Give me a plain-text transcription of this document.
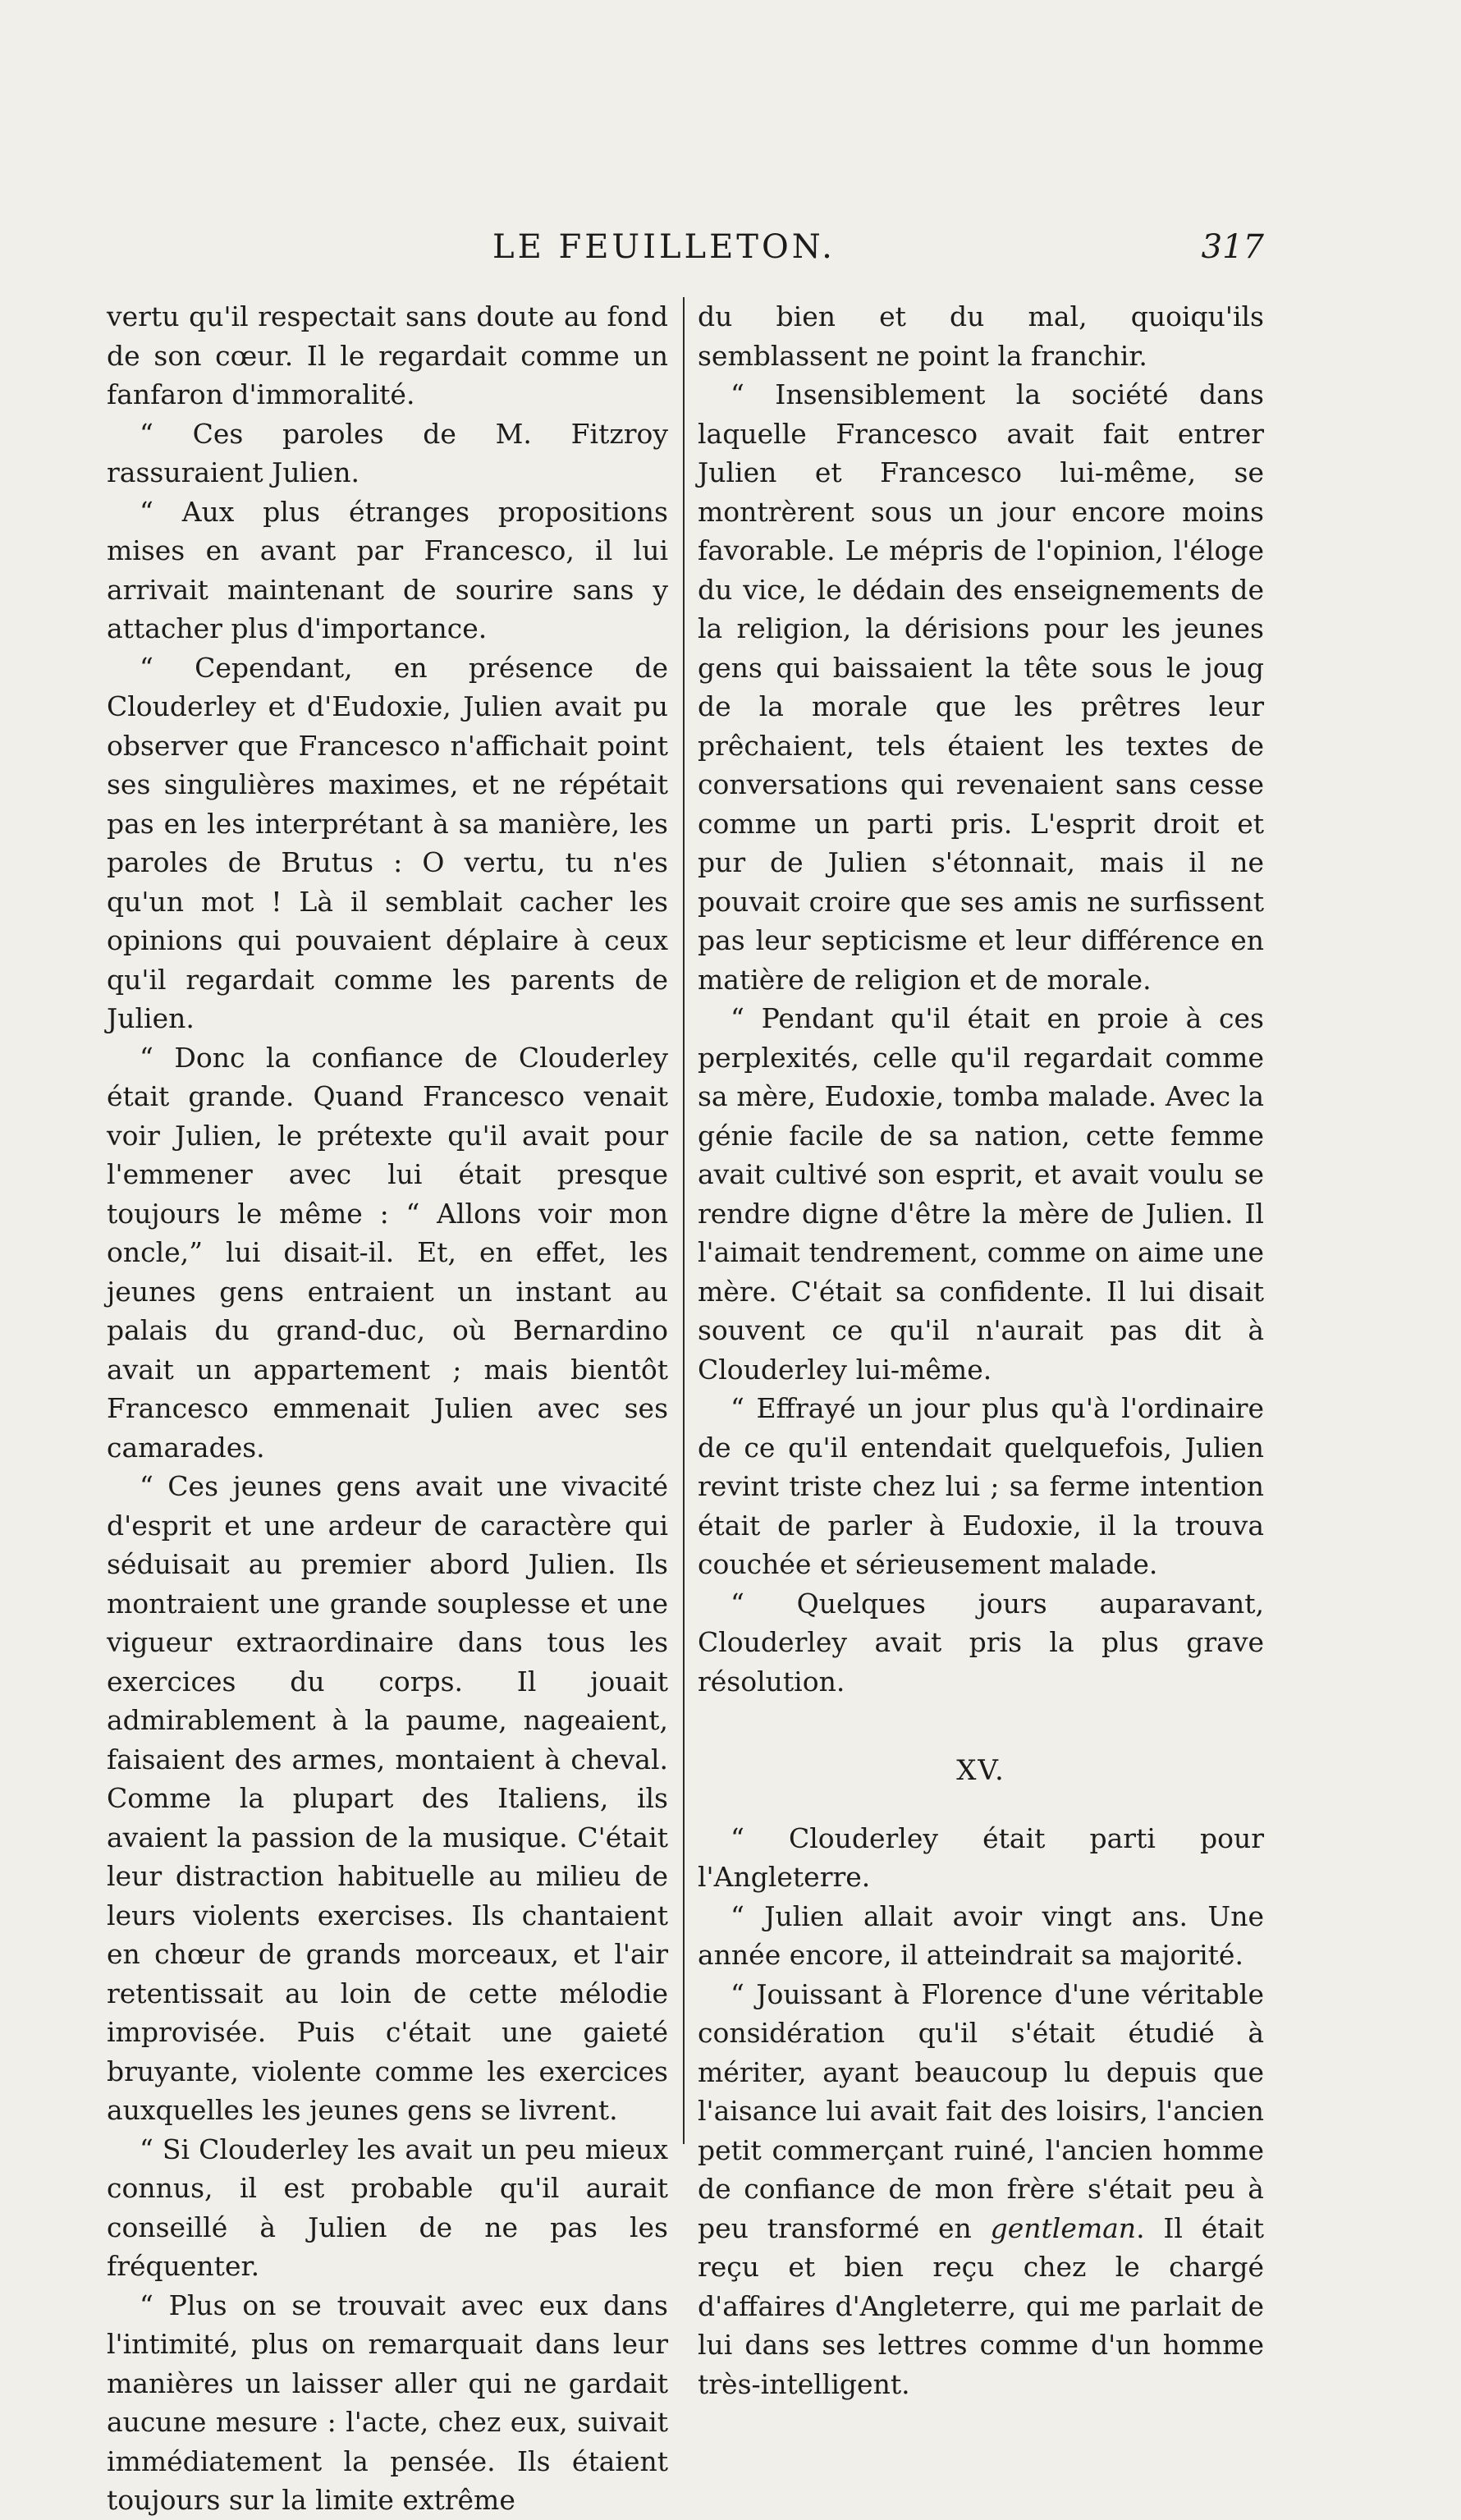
LE FEUILLETON.	317

vertu qu'il respectait sans doute au fond de son cœur. Il le regardait comme un fanfaron d'immoralité.

“ Ces paroles de M. Fitzroy rassuraient Julien.

“ Aux plus étranges propositions mises en avant par Francesco, il lui arrivait maintenant de sourire sans y attacher plus d'importance.

“ Cependant, en présence de Clouderley et d'Eudoxie, Julien avait pu observer que Francesco n'affichait point ses singulières maximes, et ne répétait pas en les interprétant à sa manière, les paroles de Brutus : O vertu, tu n'es qu'un mot ! Là il semblait cacher les opinions qui pouvaient déplaire à ceux qu'il regardait comme les parents de Julien.

“ Donc la confiance de Clouderley était grande. Quand Francesco venait voir Julien, le prétexte qu'il avait pour l'emmener avec lui était presque toujours le même : “ Allons voir mon oncle,” lui disait-il. Et, en effet, les jeunes gens entraient un instant au palais du grand-duc, où Bernardino avait un appartement ; mais bientôt Francesco emmenait Julien avec ses camarades.

“ Ces jeunes gens avait une vivacité d'esprit et une ardeur de caractère qui séduisait au premier abord Julien. Ils montraient une grande souplesse et une vigueur extraordinaire dans tous les exercices du corps. Il jouait admirablement à la paume, nageaient, faisaient des armes, montaient à cheval. Comme la plupart des Italiens, ils avaient la passion de la musique. C'était leur distraction habituelle au milieu de leurs violents exercises. Ils chantaient en chœur de grands morceaux, et l'air retentissait au loin de cette mélodie improvisée. Puis c'était une gaieté bruyante, violente comme les exercices auxquelles les jeunes gens se livrent.

“ Si Clouderley les avait un peu mieux connus, il est probable qu'il aurait conseillé à Julien de ne pas les fréquenter.

“ Plus on se trouvait avec eux dans l'intimité, plus on remarquait dans leur manières un laisser aller qui ne gardait aucune mesure : l'acte, chez eux, suivait immédiatement la pensée. Ils étaient toujours sur la limite extrême

du bien et du mal, quoiqu'ils semblassent ne point la franchir.

“ Insensiblement la société dans laquelle Francesco avait fait entrer Julien et Francesco lui-même, se montrèrent sous un jour encore moins favorable. Le mépris de l'opinion, l'éloge du vice, le dédain des enseignements de la religion, la dérisions pour les jeunes gens qui baissaient la tête sous le joug de la morale que les prêtres leur prêchaient, tels étaient les textes de conversations qui revenaient sans cesse comme un parti pris. L'esprit droit et pur de Julien s'étonnait, mais il ne pouvait croire que ses amis ne surfissent pas leur septicisme et leur différence en matière de religion et de morale.

“ Pendant qu'il était en proie à ces perplexités, celle qu'il regardait comme sa mère, Eudoxie, tomba malade. Avec la génie facile de sa nation, cette femme avait cultivé son esprit, et avait voulu se rendre digne d'être la mère de Julien. Il l'aimait tendrement, comme on aime une mère. C'était sa confidente. Il lui disait souvent ce qu'il n'aurait pas dit à Clouderley lui-même.

“ Effrayé un jour plus qu'à l'ordinaire de ce qu'il entendait quelquefois, Julien revint triste chez lui ; sa ferme intention était de parler à Eudoxie, il la trouva couchée et sérieusement malade.

“ Quelques jours auparavant, Clouderley avait pris la plus grave résolution.

XV.

“ Clouderley était parti pour l'Angleterre.

“ Julien allait avoir vingt ans. Une année encore, il atteindrait sa majorité.

“ Jouissant à Florence d'une véritable considération qu'il s'était étudié à mériter, ayant beaucoup lu depuis que l'aisance lui avait fait des loisirs, l'ancien petit commerçant ruiné, l'ancien homme de confiance de mon frère s'était peu à peu transformé en gentleman. Il était reçu et bien reçu chez le chargé d'affaires d'Angleterre, qui me parlait de lui dans ses lettres comme d'un homme très-intelligent.
